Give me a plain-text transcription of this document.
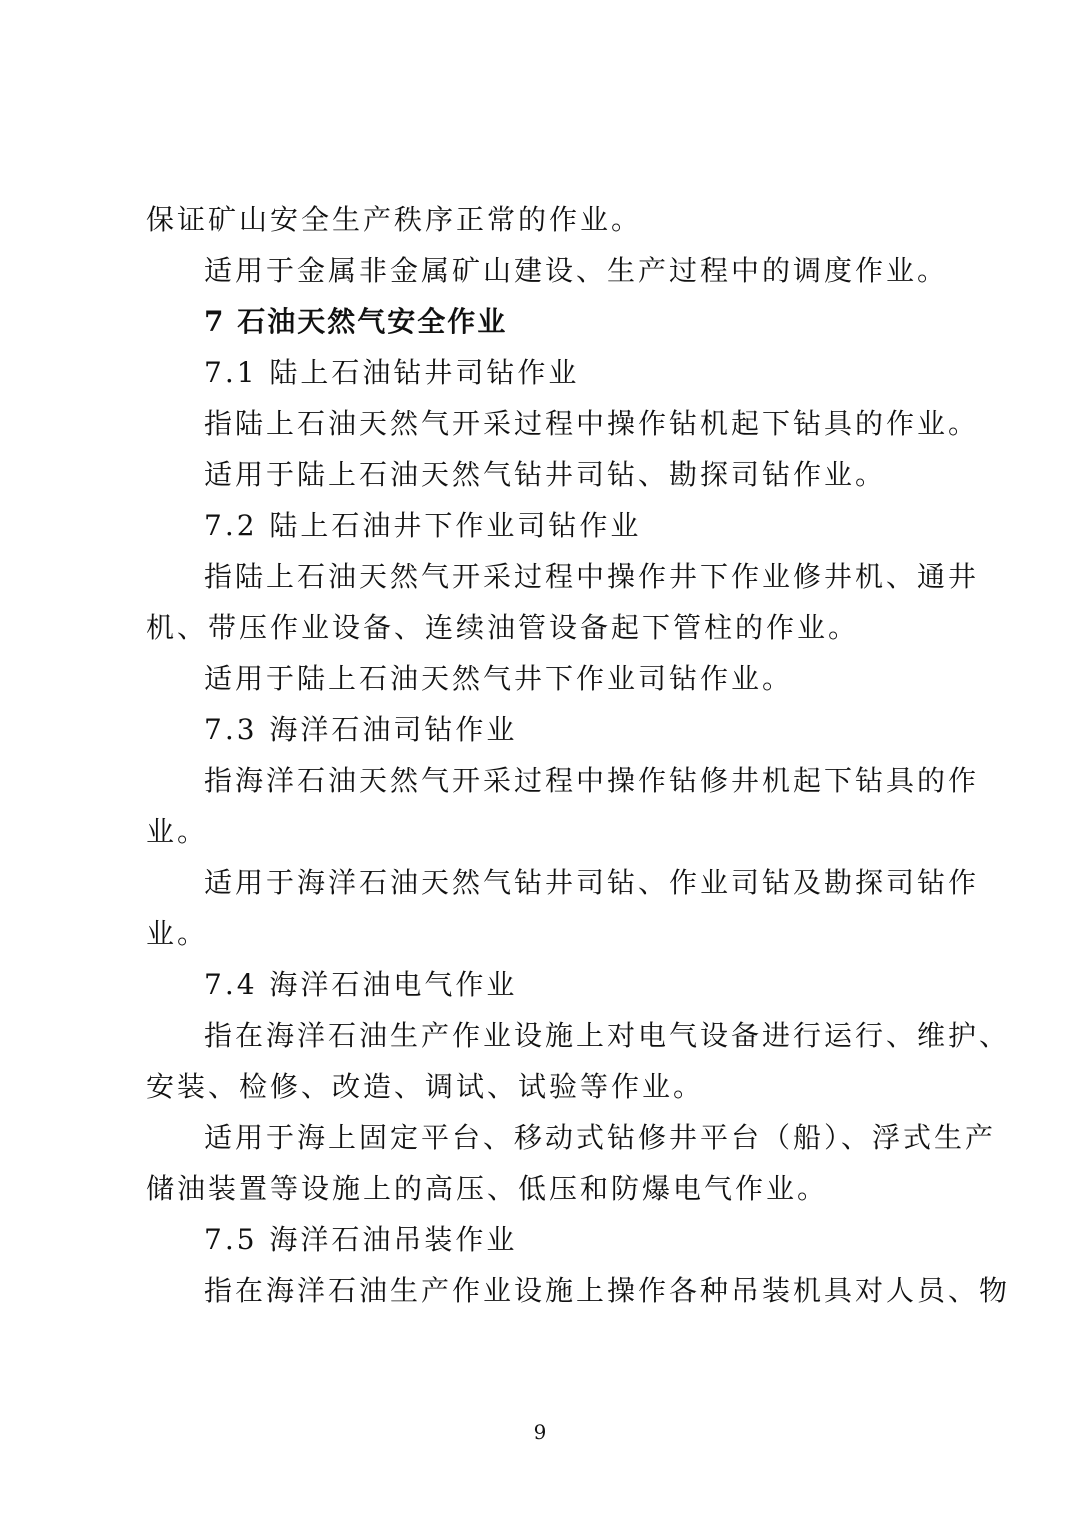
保证矿山安全生产秩序正常的作业。
适用于金属非金属矿山建设、生产过程中的调度作业。
7 石油天然气安全作业
7.1 陆上石油钻井司钻作业
指陆上石油天然气开采过程中操作钻机起下钻具的作业。
适用于陆上石油天然气钻井司钻、勘探司钻作业。
7.2 陆上石油井下作业司钻作业
指陆上石油天然气开采过程中操作井下作业修井机、通井
机、带压作业设备、连续油管设备起下管柱的作业。
适用于陆上石油天然气井下作业司钻作业。
7.3 海洋石油司钻作业
指海洋石油天然气开采过程中操作钻修井机起下钻具的作
业。
适用于海洋石油天然气钻井司钻、作业司钻及勘探司钻作
业。
7.4 海洋石油电气作业
指在海洋石油生产作业设施上对电气设备进行运行、维护、
安装、检修、改造、调试、试验等作业。
适用于海上固定平台、移动式钻修井平台（船）、浮式生产
储油装置等设施上的高压、低压和防爆电气作业。
7.5 海洋石油吊装作业
指在海洋石油生产作业设施上操作各种吊装机具对人员、物
9
